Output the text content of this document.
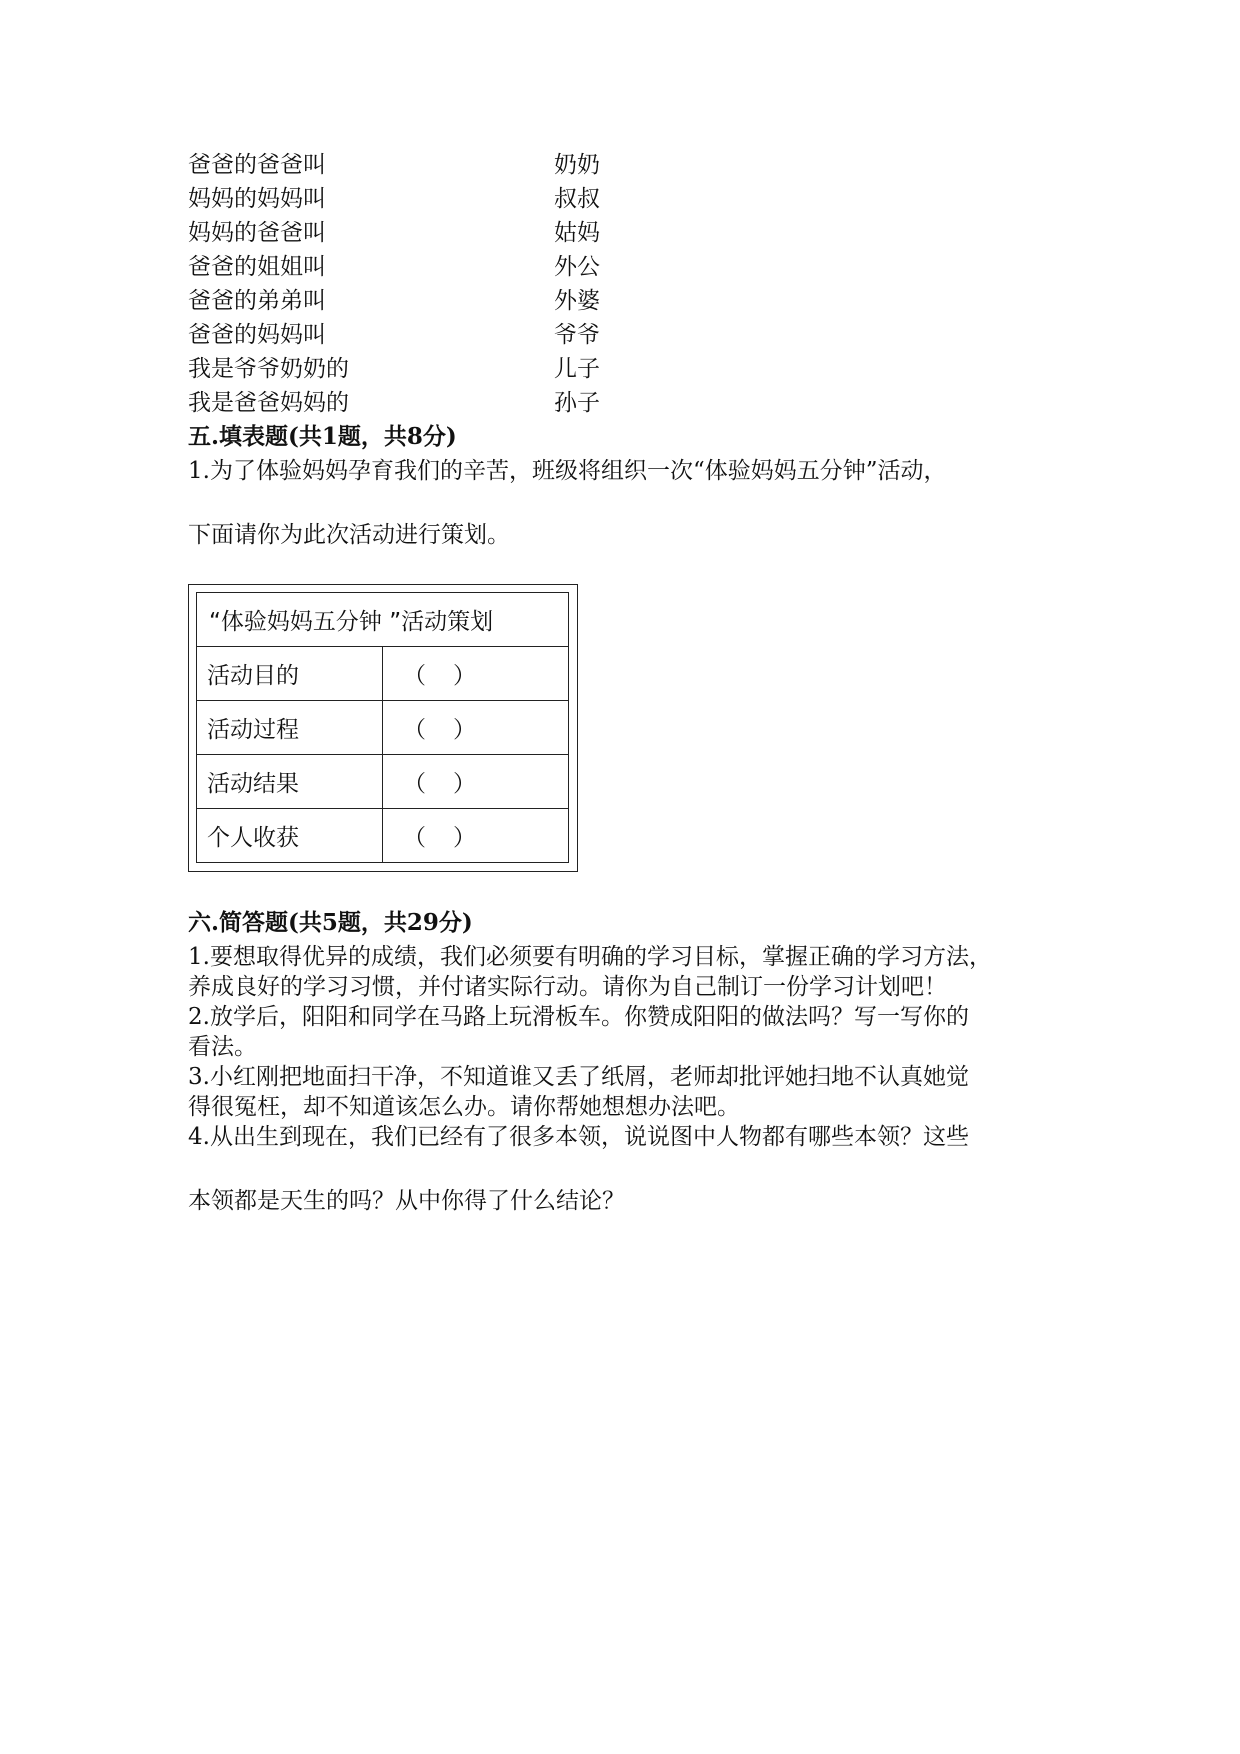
爸爸的爸爸叫	奶奶
妈妈的妈妈叫	叔叔
妈妈的爸爸叫	姑妈
爸爸的姐姐叫	外公
爸爸的弟弟叫	外婆
爸爸的妈妈叫	爷爷
我是爷爷奶奶的	儿子
我是爸爸妈妈的	孙子
五.填表题(共1题，共8分)
1.为了体验妈妈孕育我们的辛苦，班级将组织一次“体验妈妈五分钟”活动，
下面请你为此次活动进行策划。
“体验妈妈五分钟 ”活动策划	
活动目的	（　）
活动过程	（　）
活动结果	（　）
个人收获	（　）
六.简答题(共5题，共29分)
1.要想取得优异的成绩，我们必须要有明确的学习目标，掌握正确的学习方法，
养成良好的学习习惯，并付诸实际行动。请你为自己制订一份学习计划吧！
2.放学后，阳阳和同学在马路上玩滑板车。你赞成阳阳的做法吗？写一写你的
看法。
3.小红刚把地面扫干净，不知道谁又丢了纸屑，老师却批评她扫地不认真她觉
得很冤枉，却不知道该怎么办。请你帮她想想办法吧。
4.从出生到现在，我们已经有了很多本领，说说图中人物都有哪些本领？这些
本领都是天生的吗？从中你得了什么结论？
